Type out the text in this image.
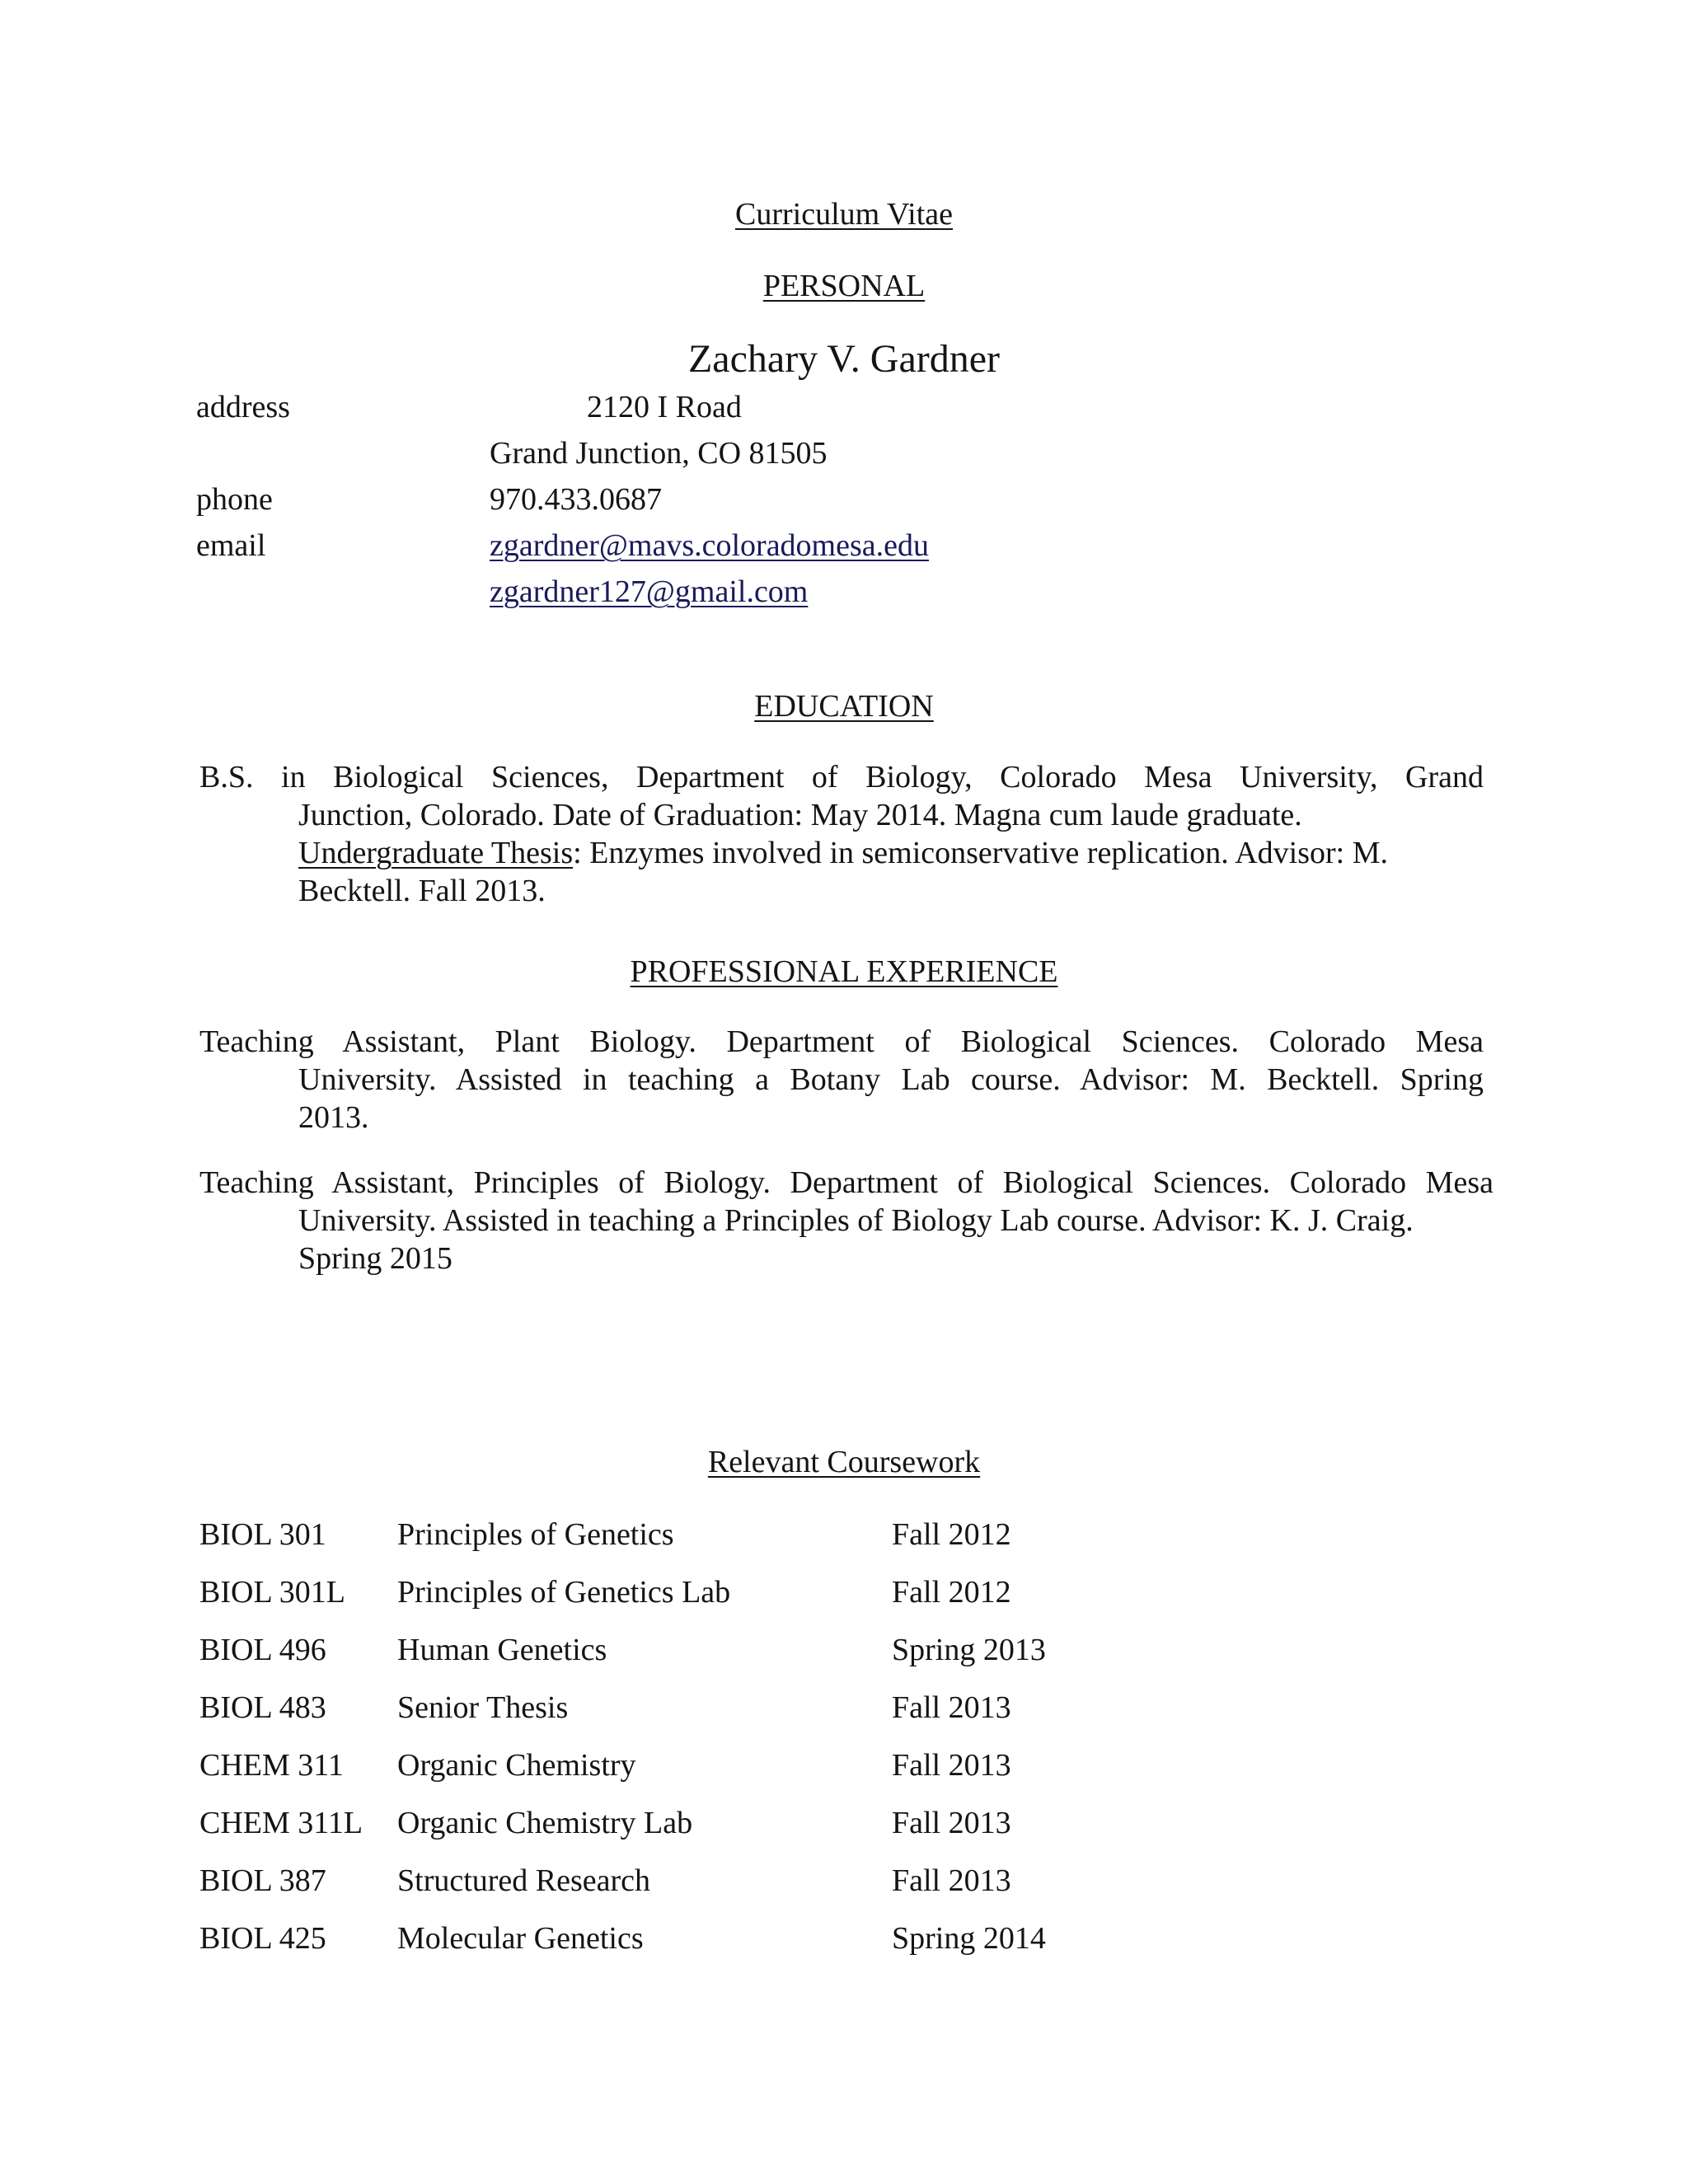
Curriculum Vitae
PERSONAL
Zachary V. Gardner
address	2120 I Road
Grand Junction, CO 81505
phone	970.433.0687
email	zgardner@mavs.coloradomesa.edu
zgardner127@gmail.com
EDUCATION
B.S. in Biological Sciences, Department of Biology, Colorado Mesa University, Grand
Junction, Colorado. Date of Graduation: May 2014. Magna cum laude graduate.
Undergraduate Thesis: Enzymes involved in semiconservative replication. Advisor: M.
Becktell. Fall 2013.
PROFESSIONAL EXPERIENCE
Teaching Assistant, Plant Biology. Department of Biological Sciences. Colorado Mesa
University. Assisted in teaching a Botany Lab course. Advisor: M. Becktell. Spring
2013.
Teaching Assistant, Principles of Biology. Department of Biological Sciences. Colorado Mesa
University. Assisted in teaching a Principles of Biology Lab course. Advisor: K. J. Craig.
Spring 2015
Relevant Coursework
BIOL 301 Principles of Genetics	Fall 2012
BIOL 301L Principles of Genetics Lab	Fall 2012
BIOL 496 Human Genetics	Spring 2013
BIOL 483 Senior Thesis	Fall 2013
CHEM 311 Organic Chemistry	Fall 2013
CHEM 311L Organic Chemistry Lab	Fall 2013
BIOL 387 Structured Research	Fall 2013
BIOL 425 Molecular Genetics	Spring 2014
